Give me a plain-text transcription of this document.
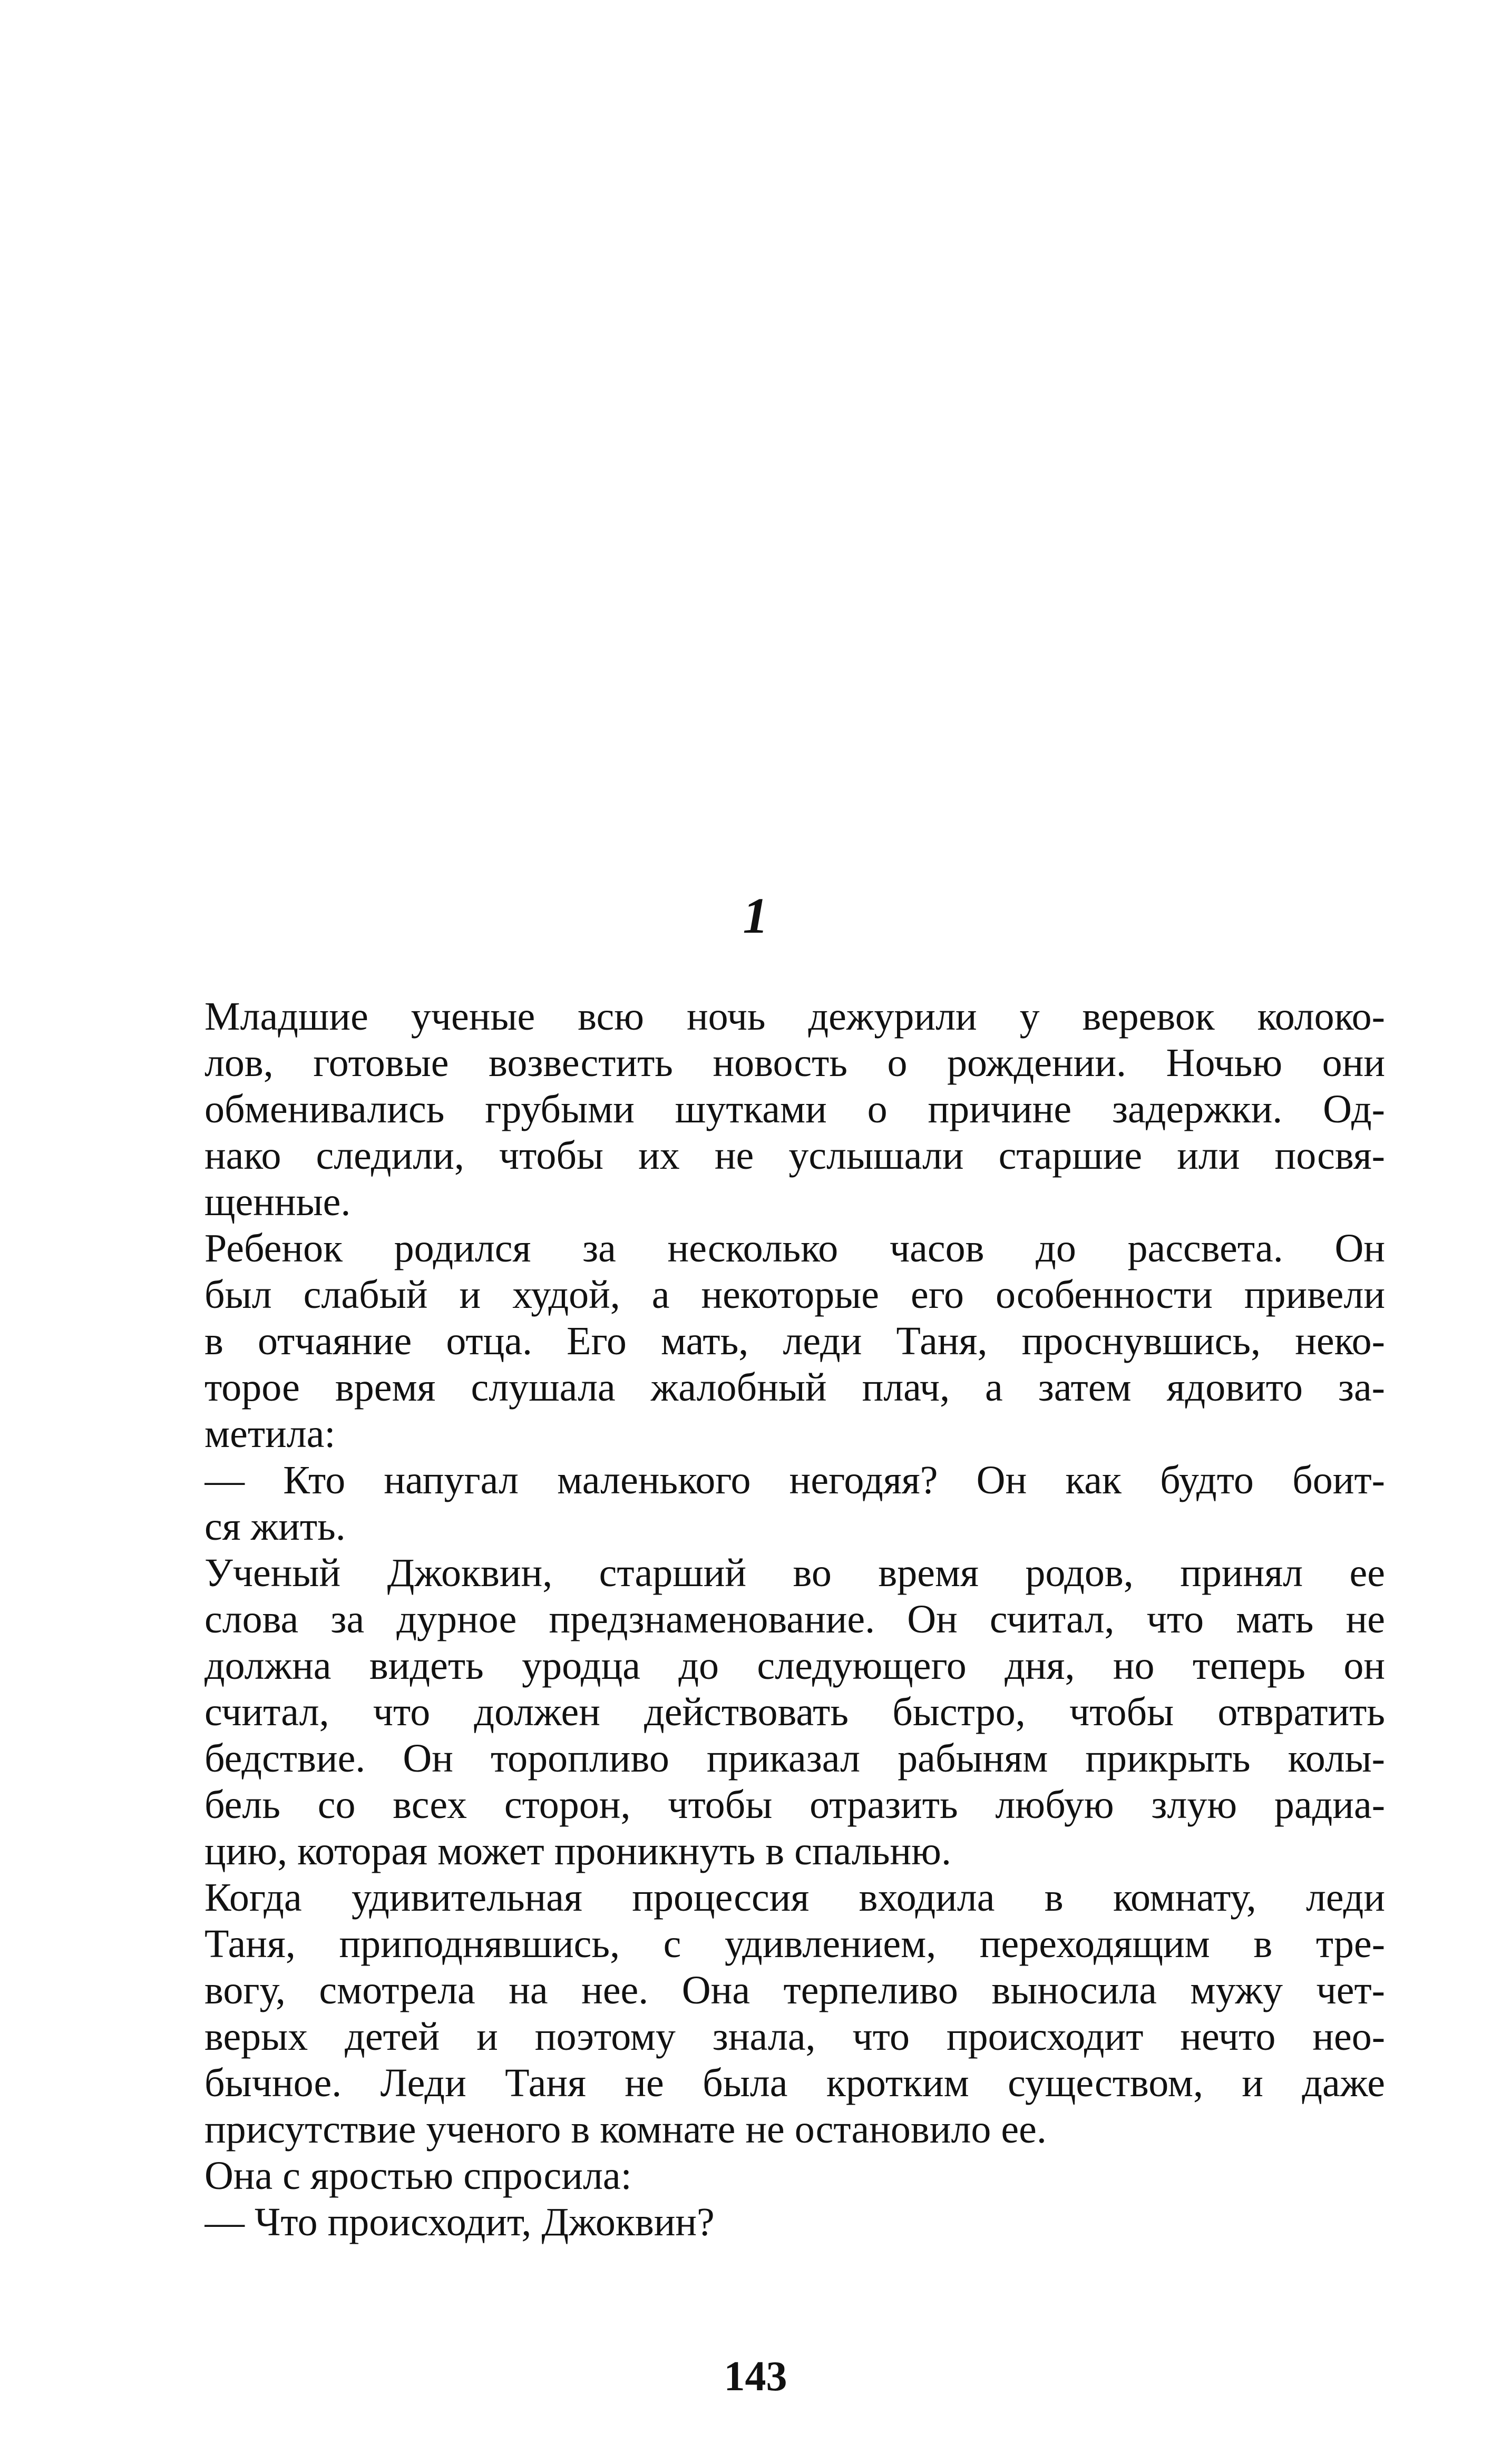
1
Младшие ученые всю ночь дежурили у веревок колоко-
лов, готовые возвестить новость о рождении. Ночью они
обменивались грубыми шутками о причине задержки. Од-
нако следили, чтобы их не услышали старшие или посвя-
щенные.
Ребенок родился за несколько часов до рассвета. Он
был слабый и худой, а некоторые его особенности привели
в отчаяние отца. Его мать, леди Таня, проснувшись, неко-
торое время слушала жалобный плач, а затем ядовито за-
метила:
— Кто напугал маленького негодяя? Он как будто боит-
ся жить.
Ученый Джоквин, старший во время родов, принял ее
слова за дурное предзнаменование. Он считал, что мать не
должна видеть уродца до следующего дня, но теперь он
считал, что должен действовать быстро, чтобы отвратить
бедствие. Он торопливо приказал рабыням прикрыть колы-
бель со всех сторон, чтобы отразить любую злую радиа-
цию, которая может проникнуть в спальню.
Когда удивительная процессия входила в комнату, леди
Таня, приподнявшись, с удивлением, переходящим в тре-
вогу, смотрела на нее. Она терпеливо выносила мужу чет-
верых детей и поэтому знала, что происходит нечто нео-
бычное. Леди Таня не была кротким существом, и даже
присутствие ученого в комнате не остановило ее.
Она с яростью спросила:
— Что происходит, Джоквин?
143
